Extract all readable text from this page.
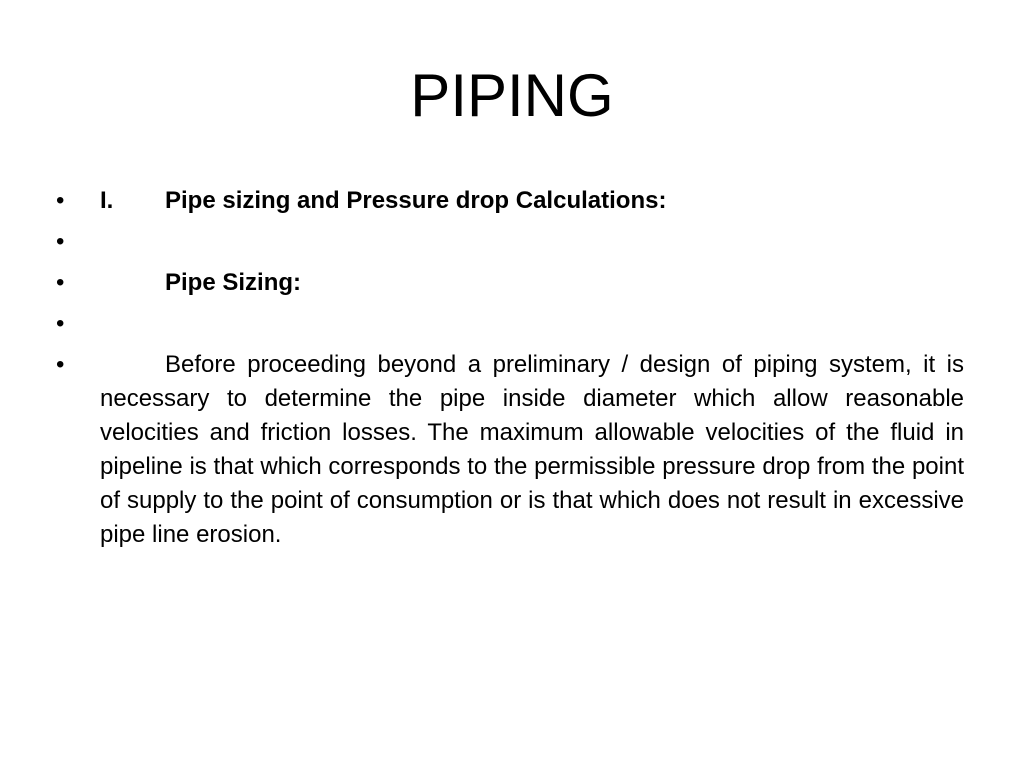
PIPING
•	I. Pipe sizing and Pressure drop Calculations:
•
•	Pipe Sizing:
•
•	Before proceeding beyond a preliminary / design of piping system, it is necessary to determine the pipe inside diameter which allow reasonable velocities and friction losses. The maximum allowable velocities of the fluid in pipeline is that which corresponds to the permissible pressure drop from the point of supply to the point of consumption or is that which does not result in excessive pipe line erosion.
